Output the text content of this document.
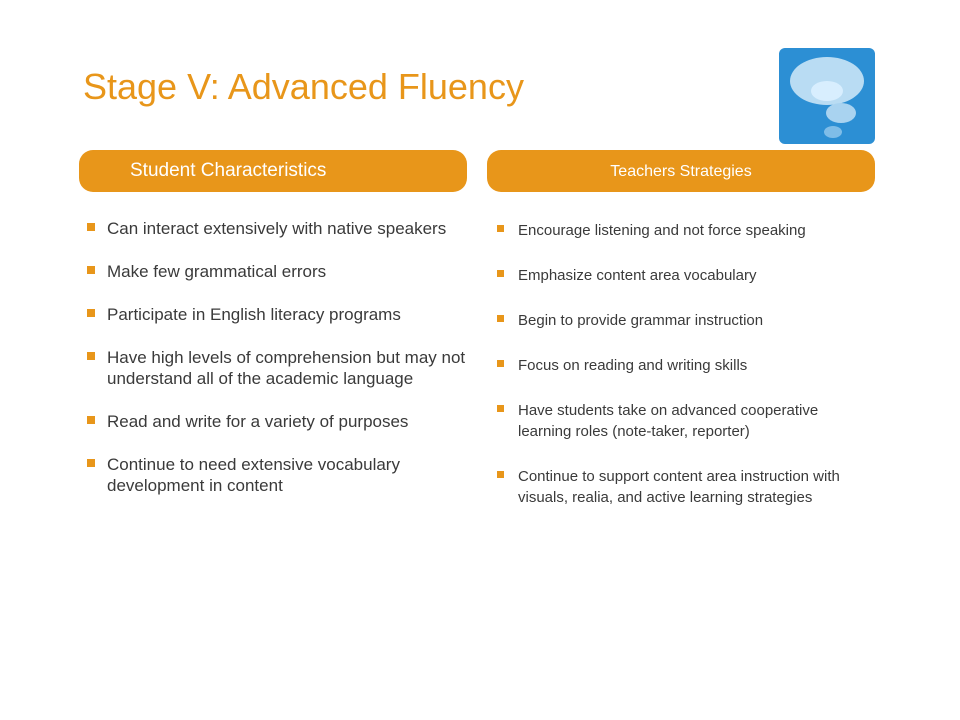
Stage V: Advanced Fluency
Student Characteristics	Teachers Strategies
Can interact extensively with native speakers
Make few grammatical errors
Participate in English literacy programs
Have high levels of comprehension but may not understand all of the academic language
Read and write for a variety of purposes
Continue to need extensive vocabulary development in content
Encourage listening and not force speaking
Emphasize content area vocabulary
Begin to provide grammar instruction
Focus on reading and writing skills
Have students take on advanced cooperative learning roles (note-taker, reporter)
Continue to support content area instruction with visuals, realia, and active learning strategies
